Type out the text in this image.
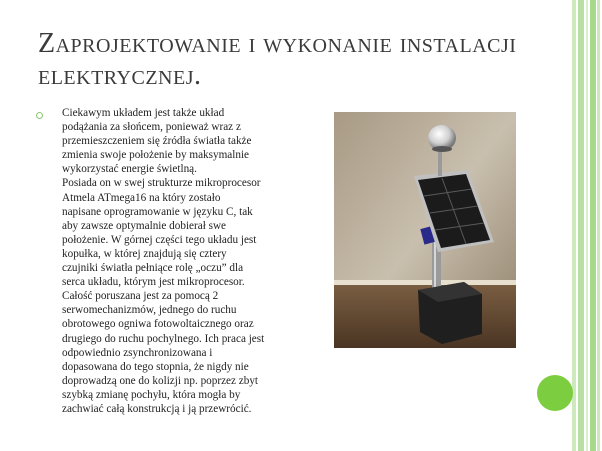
Zaprojektowanie i wykonanie instalacji elektrycznej.

Ciekawym układem jest także układ
podążania za słońcem, ponieważ wraz z
przemieszczeniem się źródła światła także
zmienia swoje położenie by maksymalnie
wykorzystać energie świetlną.
Posiada on w swej strukturze mikroprocesor
Atmela ATmega16 na który zostało
napisane oprogramowanie w języku C, tak
aby zawsze optymalnie dobierał swe
położenie. W górnej części tego układu jest
kopułka, w której znajdują się cztery
czujniki światła pełniące rolę „oczu” dla
serca układu, którym jest mikroprocesor.
Całość poruszana jest za pomocą 2
serwomechanizmów, jednego do ruchu
obrotowego ogniwa fotowoltaicznego oraz
drugiego do ruchu pochylnego. Ich praca jest
odpowiednio zsynchronizowana i
dopasowana do tego stopnia, że nigdy nie
doprowadzą one do kolizji np. poprzez zbyt
szybką zmianę pochyłu, która mogła by
zachwiać całą konstrukcją i ją przewrócić.
